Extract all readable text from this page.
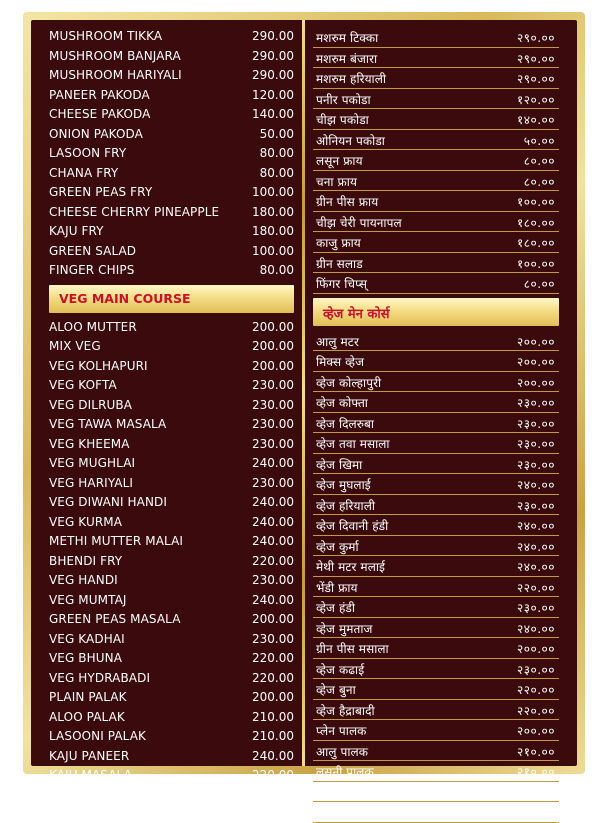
MUSHROOM TIKKA	290.00
MUSHROOM BANJARA	290.00
MUSHROOM HARIYALI	290.00
PANEER PAKODA	120.00
CHEESE PAKODA	140.00
ONION PAKODA	50.00
LASOON FRY	80.00
CHANA FRY	80.00
GREEN PEAS FRY	100.00
CHEESE CHERRY PINEAPPLE	180.00
KAJU FRY	180.00
GREEN SALAD	100.00
FINGER CHIPS	80.00
VEG MAIN COURSE
ALOO MUTTER	200.00
MIX VEG	200.00
VEG KOLHAPURI	200.00
VEG KOFTA	230.00
VEG DILRUBA	230.00
VEG TAWA MASALA	230.00
VEG KHEEMA	230.00
VEG MUGHLAI	240.00
VEG HARIYALI	230.00
VEG DIWANI HANDI	240.00
VEG KURMA	240.00
METHI MUTTER MALAI	240.00
BHENDI FRY	220.00
VEG HANDI	230.00
VEG MUMTAJ	240.00
GREEN PEAS MASALA	200.00
VEG KADHAI	230.00
VEG BHUNA	220.00
VEG HYDRABADI	220.00
PLAIN PALAK	200.00
ALOO PALAK	210.00
LASOONI PALAK	210.00
KAJU PANEER	240.00
KAJU MASALA	220.00
मशरुम टिक्का	२९०.००
मशरुम बंजारा	२९०.००
मशरुम हरियाली	२९०.००
पनीर पकोडा	१२०.००
चीझ पकोडा	१४०.००
ओनियन पकोडा	५०.००
लसून फ्राय	८०.००
चना फ्राय	८०.००
ग्रीन पीस फ्राय	१००.००
चीझ चेरी पायनापल	१८०.००
काजु फ्राय	१८०.००
ग्रीन सलाड	१००.००
फिंगर चिप्स्	८०.००
व्हेज मेन कोर्स
आलु मटर	२००.००
मिक्स व्हेज	२००.००
व्हेज कोल्हापुरी	२००.००
व्हेज कोफ्ता	२३०.००
व्हेज दिलरुबा	२३०.००
व्हेज तवा मसाला	२३०.००
व्हेज खिमा	२३०.००
व्हेज मुघलाई	२४०.००
व्हेज हरियाली	२३०.००
व्हेज दिवानी हंडी	२४०.००
व्हेज कुर्मा	२४०.००
मेथी मटर मलाई	२४०.००
भेंडी फ्राय	२२०.००
व्हेज हंडी	२३०.००
व्हेज मुमताज	२४०.००
ग्रीन पीस मसाला	२००.००
व्हेज कढाई	२३०.००
व्हेज बुना	२२०.००
व्हेज हैद्राबादी	२२०.००
प्लेन पालक	२००.००
आलु पालक	२१०.००
लसुनी पालक	२१०.००
काजु पनीर	२४०.००
काजु मसाला	२२०.००
